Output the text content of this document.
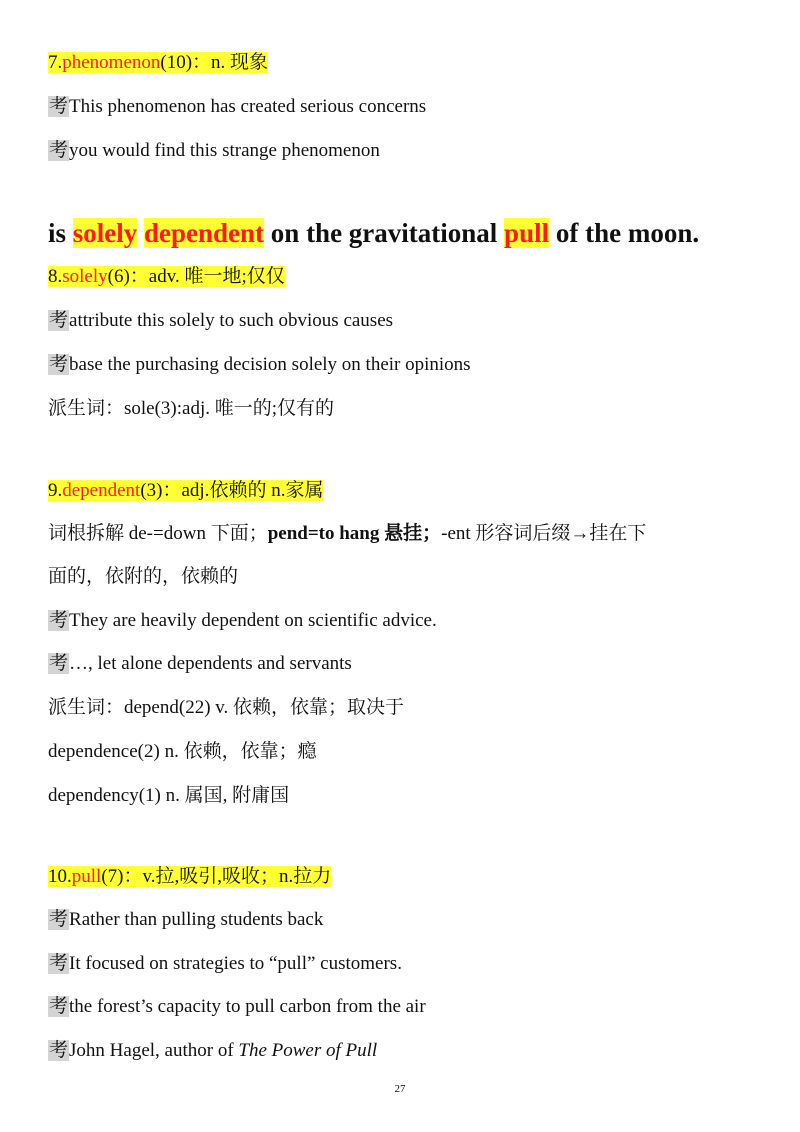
7.phenomenon(10)：n. 现象
考This phenomenon has created serious concerns
考you would find this strange phenomenon
is solely dependent on the gravitational pull of the moon.
8.solely(6)：adv. 唯一地;仅仅
考attribute this solely to such obvious causes
考base the purchasing decision solely on their opinions
派生词：sole(3):adj. 唯一的;仅有的
9.dependent(3)：adj.依赖的 n.家属
词根拆解 de-=down 下面；pend=to hang 悬挂；-ent 形容词后缀→挂在下
面的，依附的，依赖的
考They are heavily dependent on scientific advice.
考…, let alone dependents and servants
派生词：depend(22) v. 依赖，依靠；取决于
dependence(2) n. 依赖，依靠；瘾
dependency(1) n. 属国, 附庸国
10.pull(7)：v.拉,吸引,吸收；n.拉力
考Rather than pulling students back
考It focused on strategies to “pull” customers.
考the forest’s capacity to pull carbon from the air
考John Hagel, author of The Power of Pull
27
